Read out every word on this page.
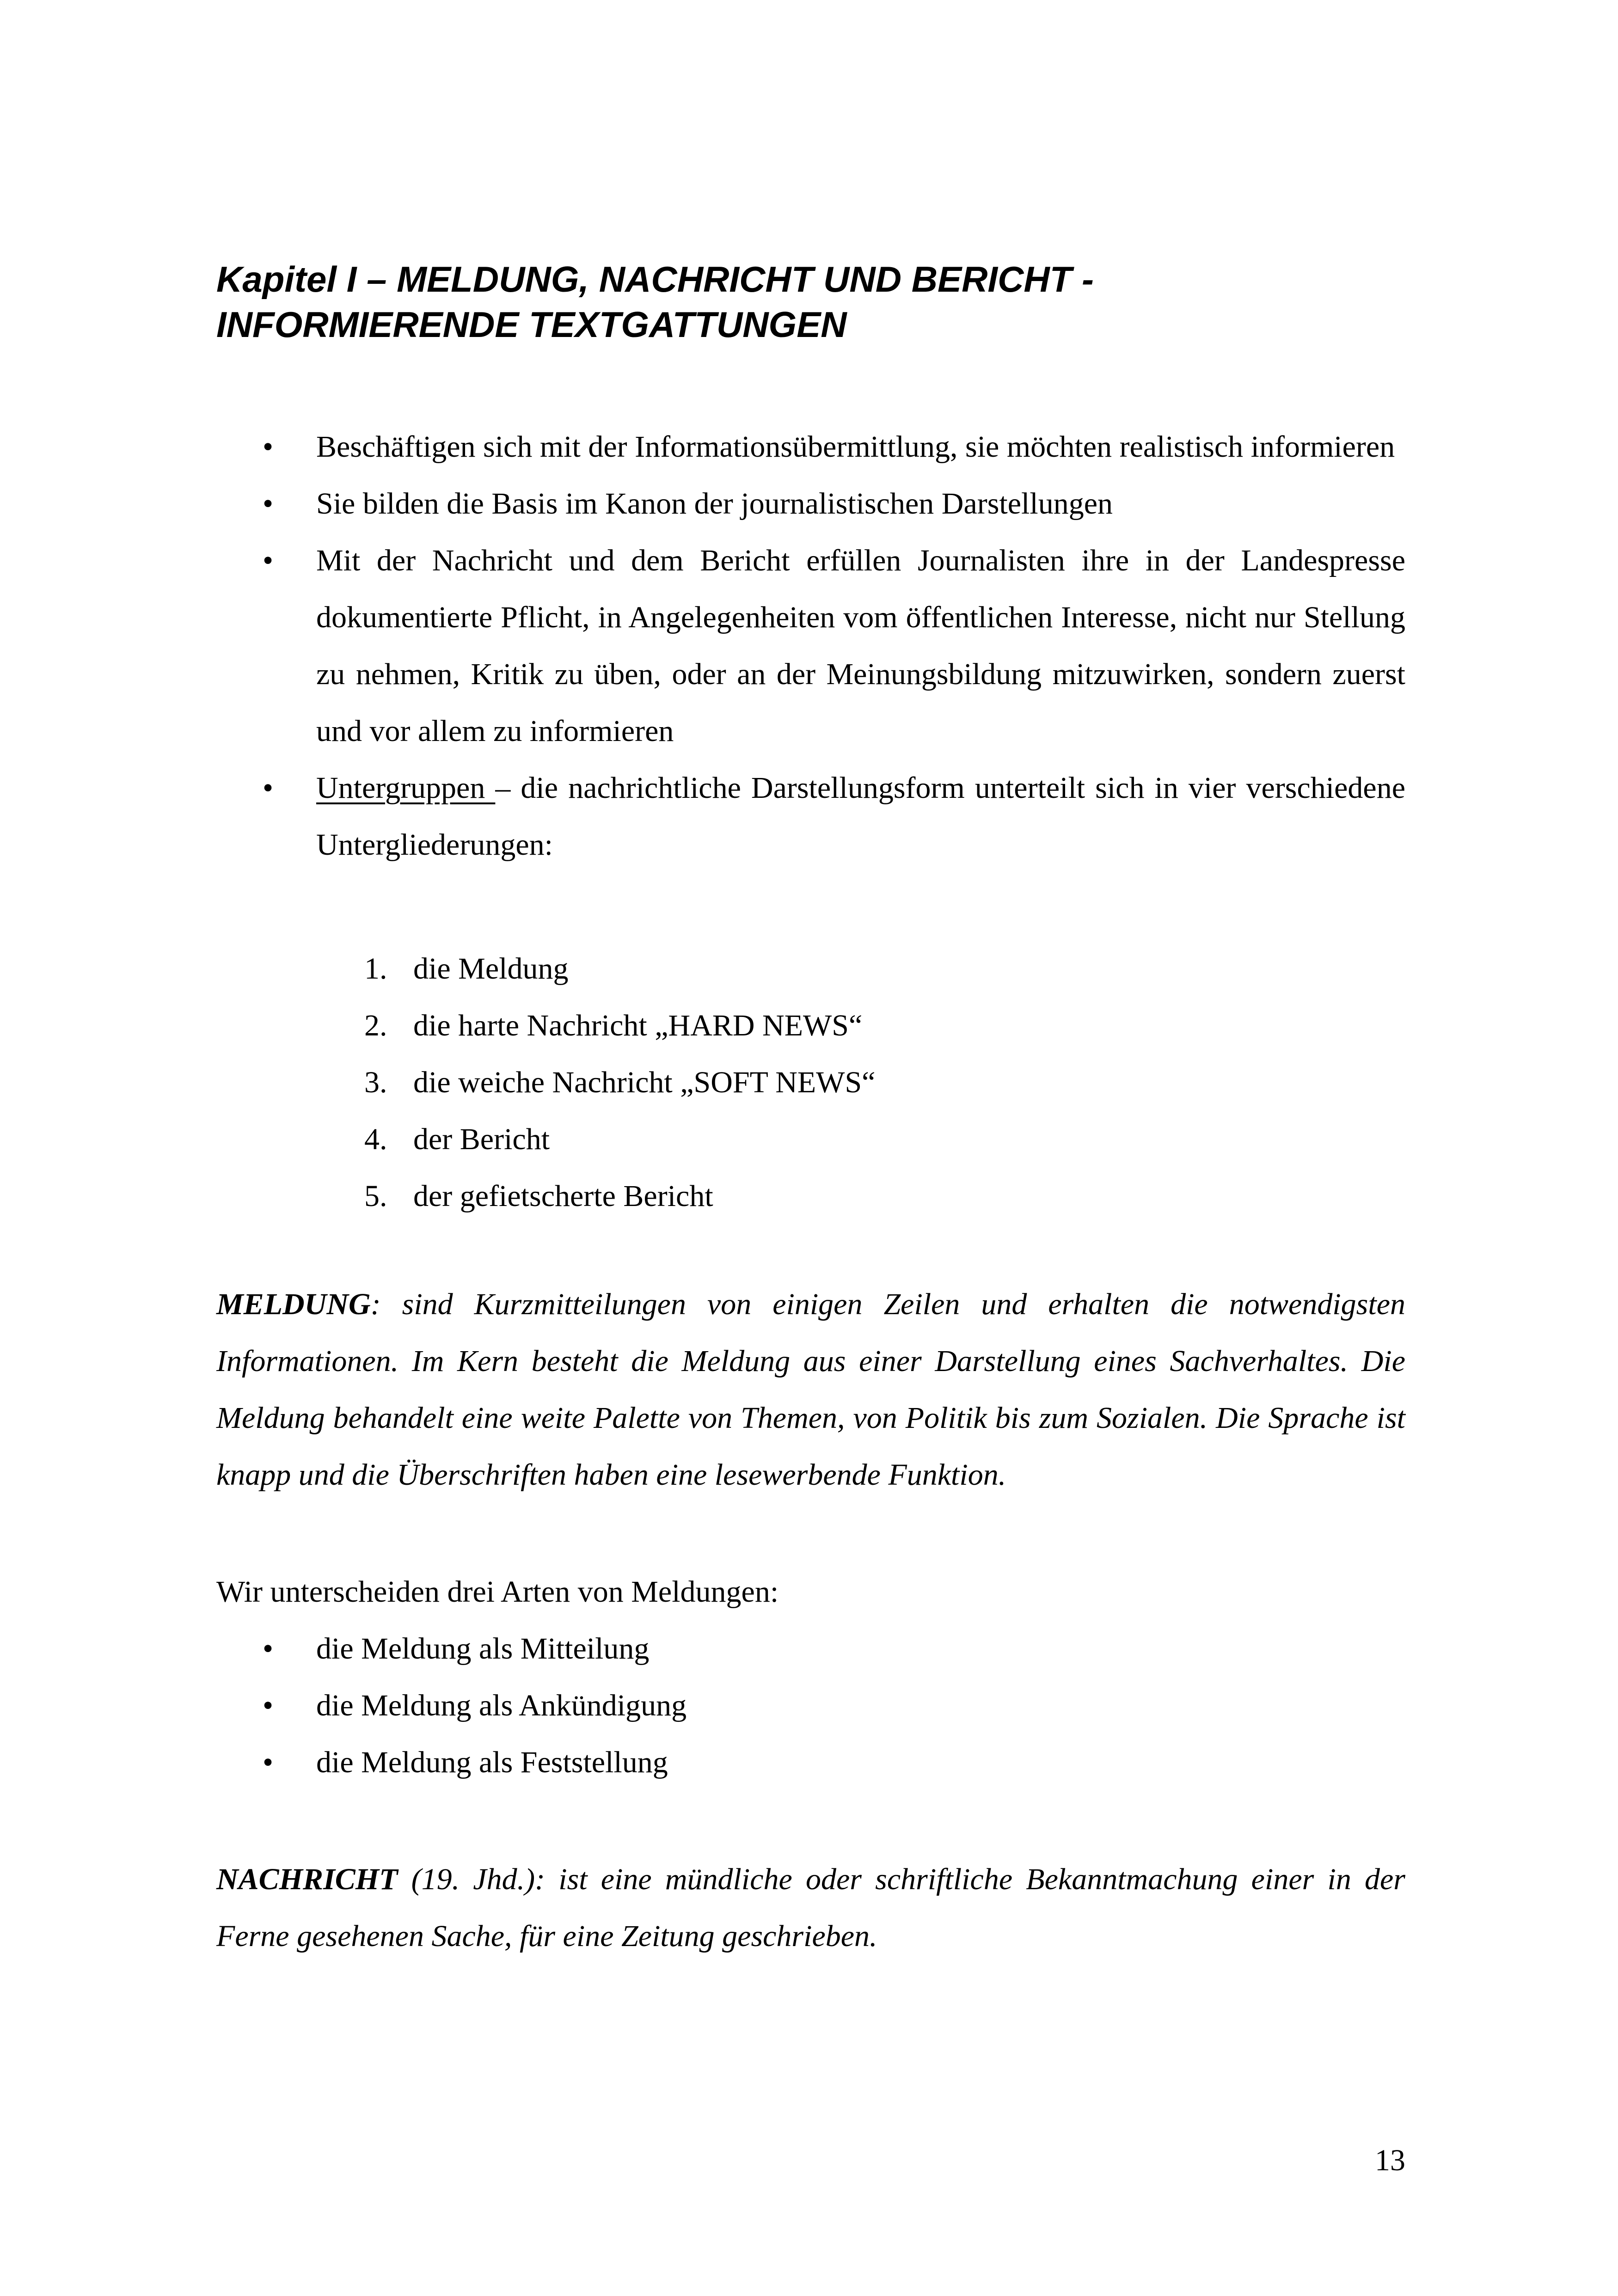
Kapitel I – MELDUNG, NACHRICHT UND BERICHT -
INFORMIERENDE TEXTGATTUNGEN
• Beschäftigen sich mit der Informationsübermittlung, sie möchten realistisch informieren
• Sie bilden die Basis im Kanon der journalistischen Darstellungen
• Mit der Nachricht und dem Bericht erfüllen Journalisten ihre in der Landespresse dokumentierte Pflicht, in Angelegenheiten vom öffentlichen Interesse, nicht nur Stellung zu nehmen, Kritik zu üben, oder an der Meinungsbildung mitzuwirken, sondern zuerst und vor allem zu informieren
• Untergruppen – die nachrichtliche Darstellungsform unterteilt sich in vier verschiedene Untergliederungen:
1. die Meldung
2. die harte Nachricht „HARD NEWS“
3. die weiche Nachricht „SOFT NEWS“
4. der Bericht
5. der gefietscherte Bericht

MELDUNG: sind Kurzmitteilungen von einigen Zeilen und erhalten die notwendigsten Informationen. Im Kern besteht die Meldung aus einer Darstellung eines Sachverhaltes. Die Meldung behandelt eine weite Palette von Themen, von Politik bis zum Sozialen. Die Sprache ist knapp und die Überschriften haben eine lesewerbende Funktion.

Wir unterscheiden drei Arten von Meldungen:
• die Meldung als Mitteilung
• die Meldung als Ankündigung
• die Meldung als Feststellung

NACHRICHT (19. Jhd.): ist eine mündliche oder schriftliche Bekanntmachung einer in der Ferne gesehenen Sache, für eine Zeitung geschrieben.

13
